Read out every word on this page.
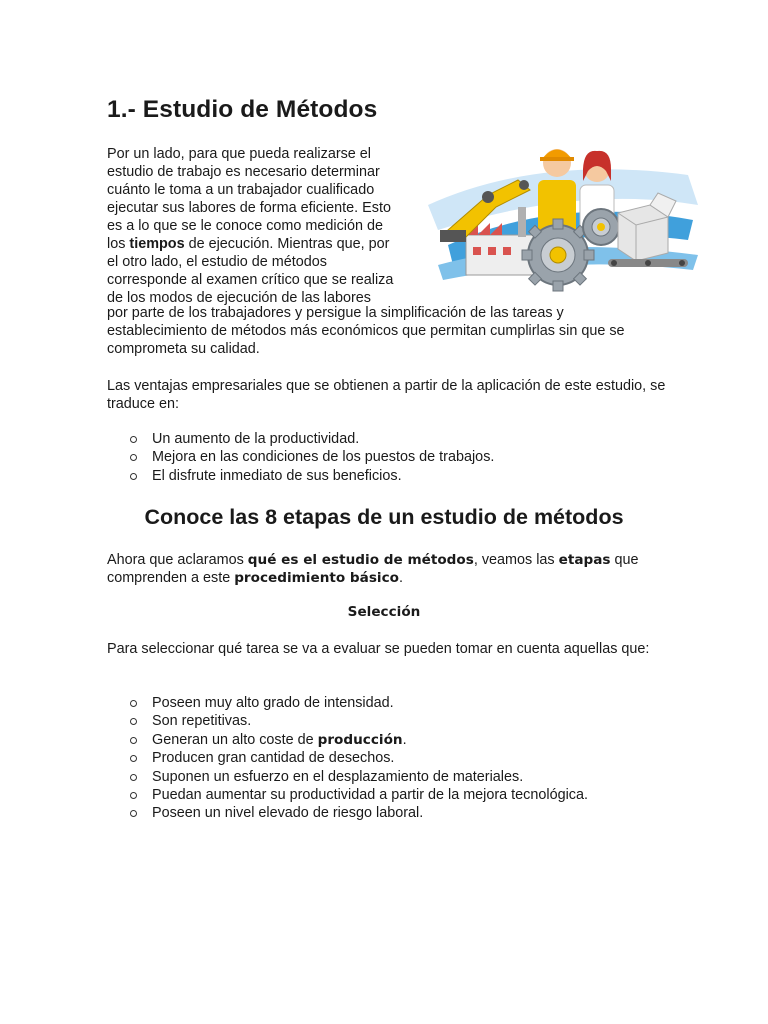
1.- Estudio de Métodos

Por un lado, para que pueda realizarse el
estudio de trabajo es necesario determinar
cuánto le toma a un trabajador cualificado
ejecutar sus labores de forma eficiente. Esto
es a lo que se le conoce como medición de
los tiempos de ejecución. Mientras que, por
el otro lado, el estudio de métodos
corresponde al examen crítico que se realiza
de los modos de ejecución de las labores

por parte de los trabajadores y persigue la simplificación de las tareas y establecimiento de métodos más económicos que permitan cumplirlas sin que se comprometa su calidad.

Las ventajas empresariales que se obtienen a partir de la aplicación de este estudio, se traduce en:

Un aumento de la productividad.
Mejora en las condiciones de los puestos de trabajos.
El disfrute inmediato de sus beneficios.
Conoce las 8 etapas de un estudio de métodos

Ahora que aclaramos qué es el estudio de métodos, veamos las etapas que comprenden a este procedimiento básico.

Selección

Para seleccionar qué tarea se va a evaluar se pueden tomar en cuenta aquellas que:

Poseen muy alto grado de intensidad.
Son repetitivas.
Generan un alto coste de producción.
Producen gran cantidad de desechos.
Suponen un esfuerzo en el desplazamiento de materiales.
Puedan aumentar su productividad a partir de la mejora tecnológica.
Poseen un nivel elevado de riesgo laboral.
